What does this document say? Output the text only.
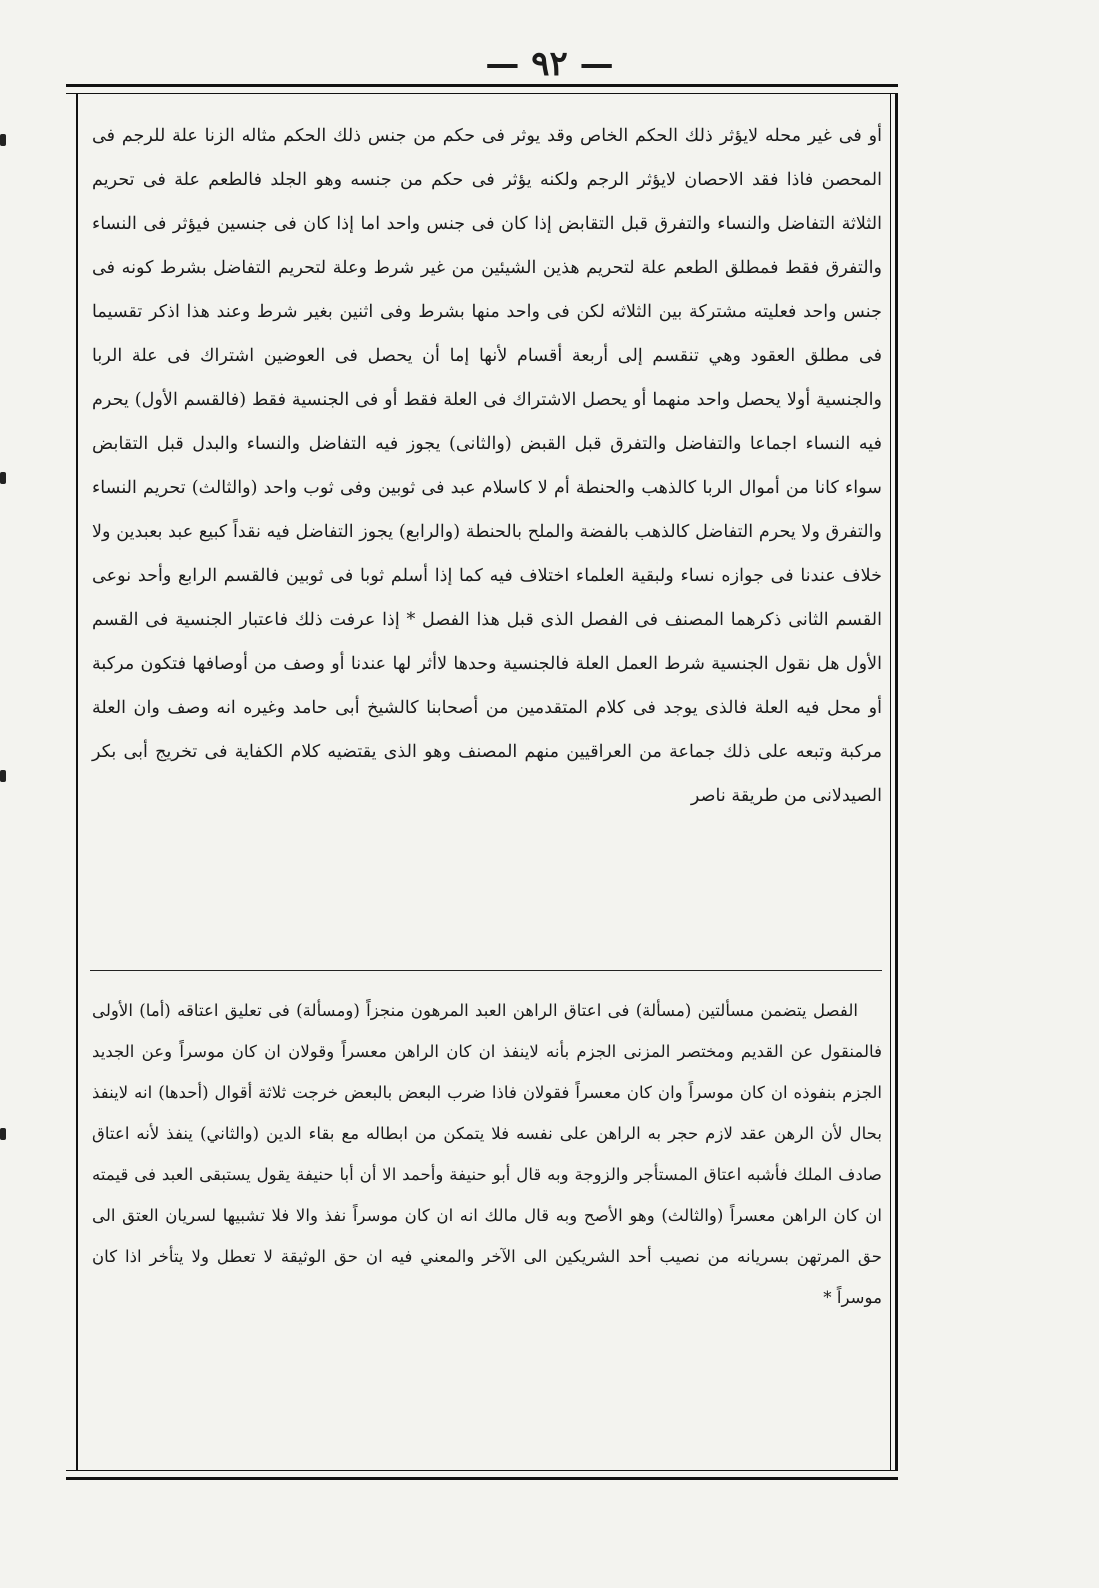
— ٩٢ —

أو فى غير محله لايؤثر ذلك الحكم الخاص وقد يوثر فى حكم من جنس ذلك الحكم مثاله الزنا علة للرجم فى المحصن فاذا فقد الاحصان لايؤثر الرجم ولكنه يؤثر فى حكم من جنسه وهو الجلد فالطعم علة فى تحريم الثلاثة التفاضل والنساء والتفرق قبل التقابض إذا كان فى جنس واحد اما إذا كان فى جنسين فيؤثر فى النساء والتفرق فقط فمطلق الطعم علة لتحريم هذين الشيئين من غير شرط وعلة لتحريم التفاضل بشرط كونه فى جنس واحد فعليته مشتركة بين الثلاثه لكن فى واحد منها بشرط وفى اثنين بغير شرط وعند هذا اذكر تقسيما فى مطلق العقود وهي تنقسم إلى أربعة أقسام لأنها إما أن يحصل فى العوضين اشتراك فى علة الربا والجنسية أولا يحصل واحد منهما أو يحصل الاشتراك فى العلة فقط أو فى الجنسية فقط (فالقسم الأول) يحرم فيه النساء اجماعا والتفاضل والتفرق قبل القبض (والثانى) يجوز فيه التفاضل والنساء والبدل قبل التقابض سواء كانا من أموال الربا كالذهب والحنطة أم لا كاسلام عبد فى ثوبين وفى ثوب واحد (والثالث) تحريم النساء والتفرق ولا يحرم التفاضل كالذهب بالفضة والملح بالحنطة (والرابع) يجوز التفاضل فيه نقداً كبيع عبد بعبدين ولا خلاف عندنا فى جوازه نساء ولبقية العلماء اختلاف فيه كما إذا أسلم ثوبا فى ثوبين فالقسم الرابع وأحد نوعى القسم الثانى ذكرهما المصنف فى الفصل الذى قبل هذا الفصل * إذا عرفت ذلك فاعتبار الجنسية فى القسم الأول هل نقول الجنسية شرط العمل العلة فالجنسية وحدها لاأثر لها عندنا أو وصف من أوصافها فتكون مركبة أو محل فيه العلة فالذى يوجد فى كلام المتقدمين من أصحابنا كالشيخ أبى حامد وغيره انه وصف وان العلة مركبة وتبعه على ذلك جماعة من العراقيين منهم المصنف وهو الذى يقتضيه كلام الكفاية فى تخريج أبى بكر الصيدلانى من طريقة ناصر

الفصل يتضمن مسألتين (مسألة) فى اعتاق الراهن العبد المرهون منجزاً (ومسألة) فى تعليق اعتاقه (أما) الأولى فالمنقول عن القديم ومختصر المزنى الجزم بأنه لاينفذ ان كان الراهن معسراً وقولان ان كان موسراً وعن الجديد الجزم بنفوذه ان كان موسراً وان كان معسراً فقولان فاذا ضرب البعض بالبعض خرجت ثلاثة أقوال (أحدها) انه لاينفذ بحال لأن الرهن عقد لازم حجر به الراهن على نفسه فلا يتمكن من ابطاله مع بقاء الدين (والثاني) ينفذ لأنه اعتاق صادف الملك فأشبه اعتاق المستأجر والزوجة وبه قال أبو حنيفة وأحمد الا أن أبا حنيفة يقول يستبقى العبد فى قيمته ان كان الراهن معسراً (والثالث) وهو الأصح وبه قال مالك انه ان كان موسراً نفذ والا فلا تشبيها لسريان العتق الى حق المرتهن بسريانه من نصيب أحد الشريكين الى الآخر والمعني فيه ان حق الوثيقة لا تعطل ولا يتأخر اذا كان موسراً *
